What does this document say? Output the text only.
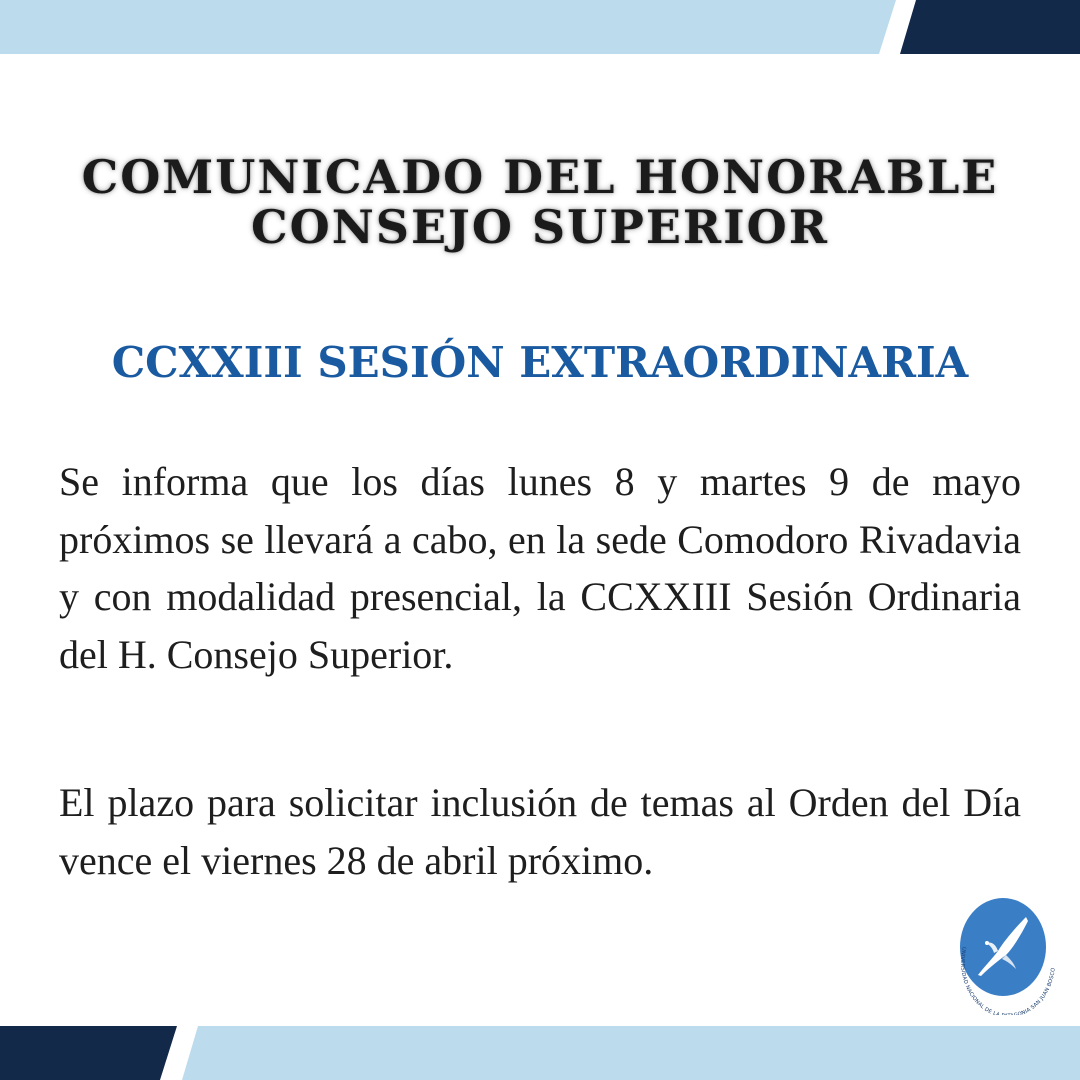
COMUNICADO DEL HONORABLE
CONSEJO SUPERIOR
CCXXIII SESIÓN EXTRAORDINARIA

Se informa que los días lunes 8 y martes 9 de mayo próximos se llevará a cabo, en la sede Comodoro Rivadavia y con modalidad presencial, la CCXXIII Sesión Ordinaria del H. Consejo Superior.

El plazo para solicitar inclusión de temas al Orden del Día vence el viernes 28 de abril próximo.

UNIVERSIDAD NACIONAL DE LA ONIA SAN JUAN BOSCO
